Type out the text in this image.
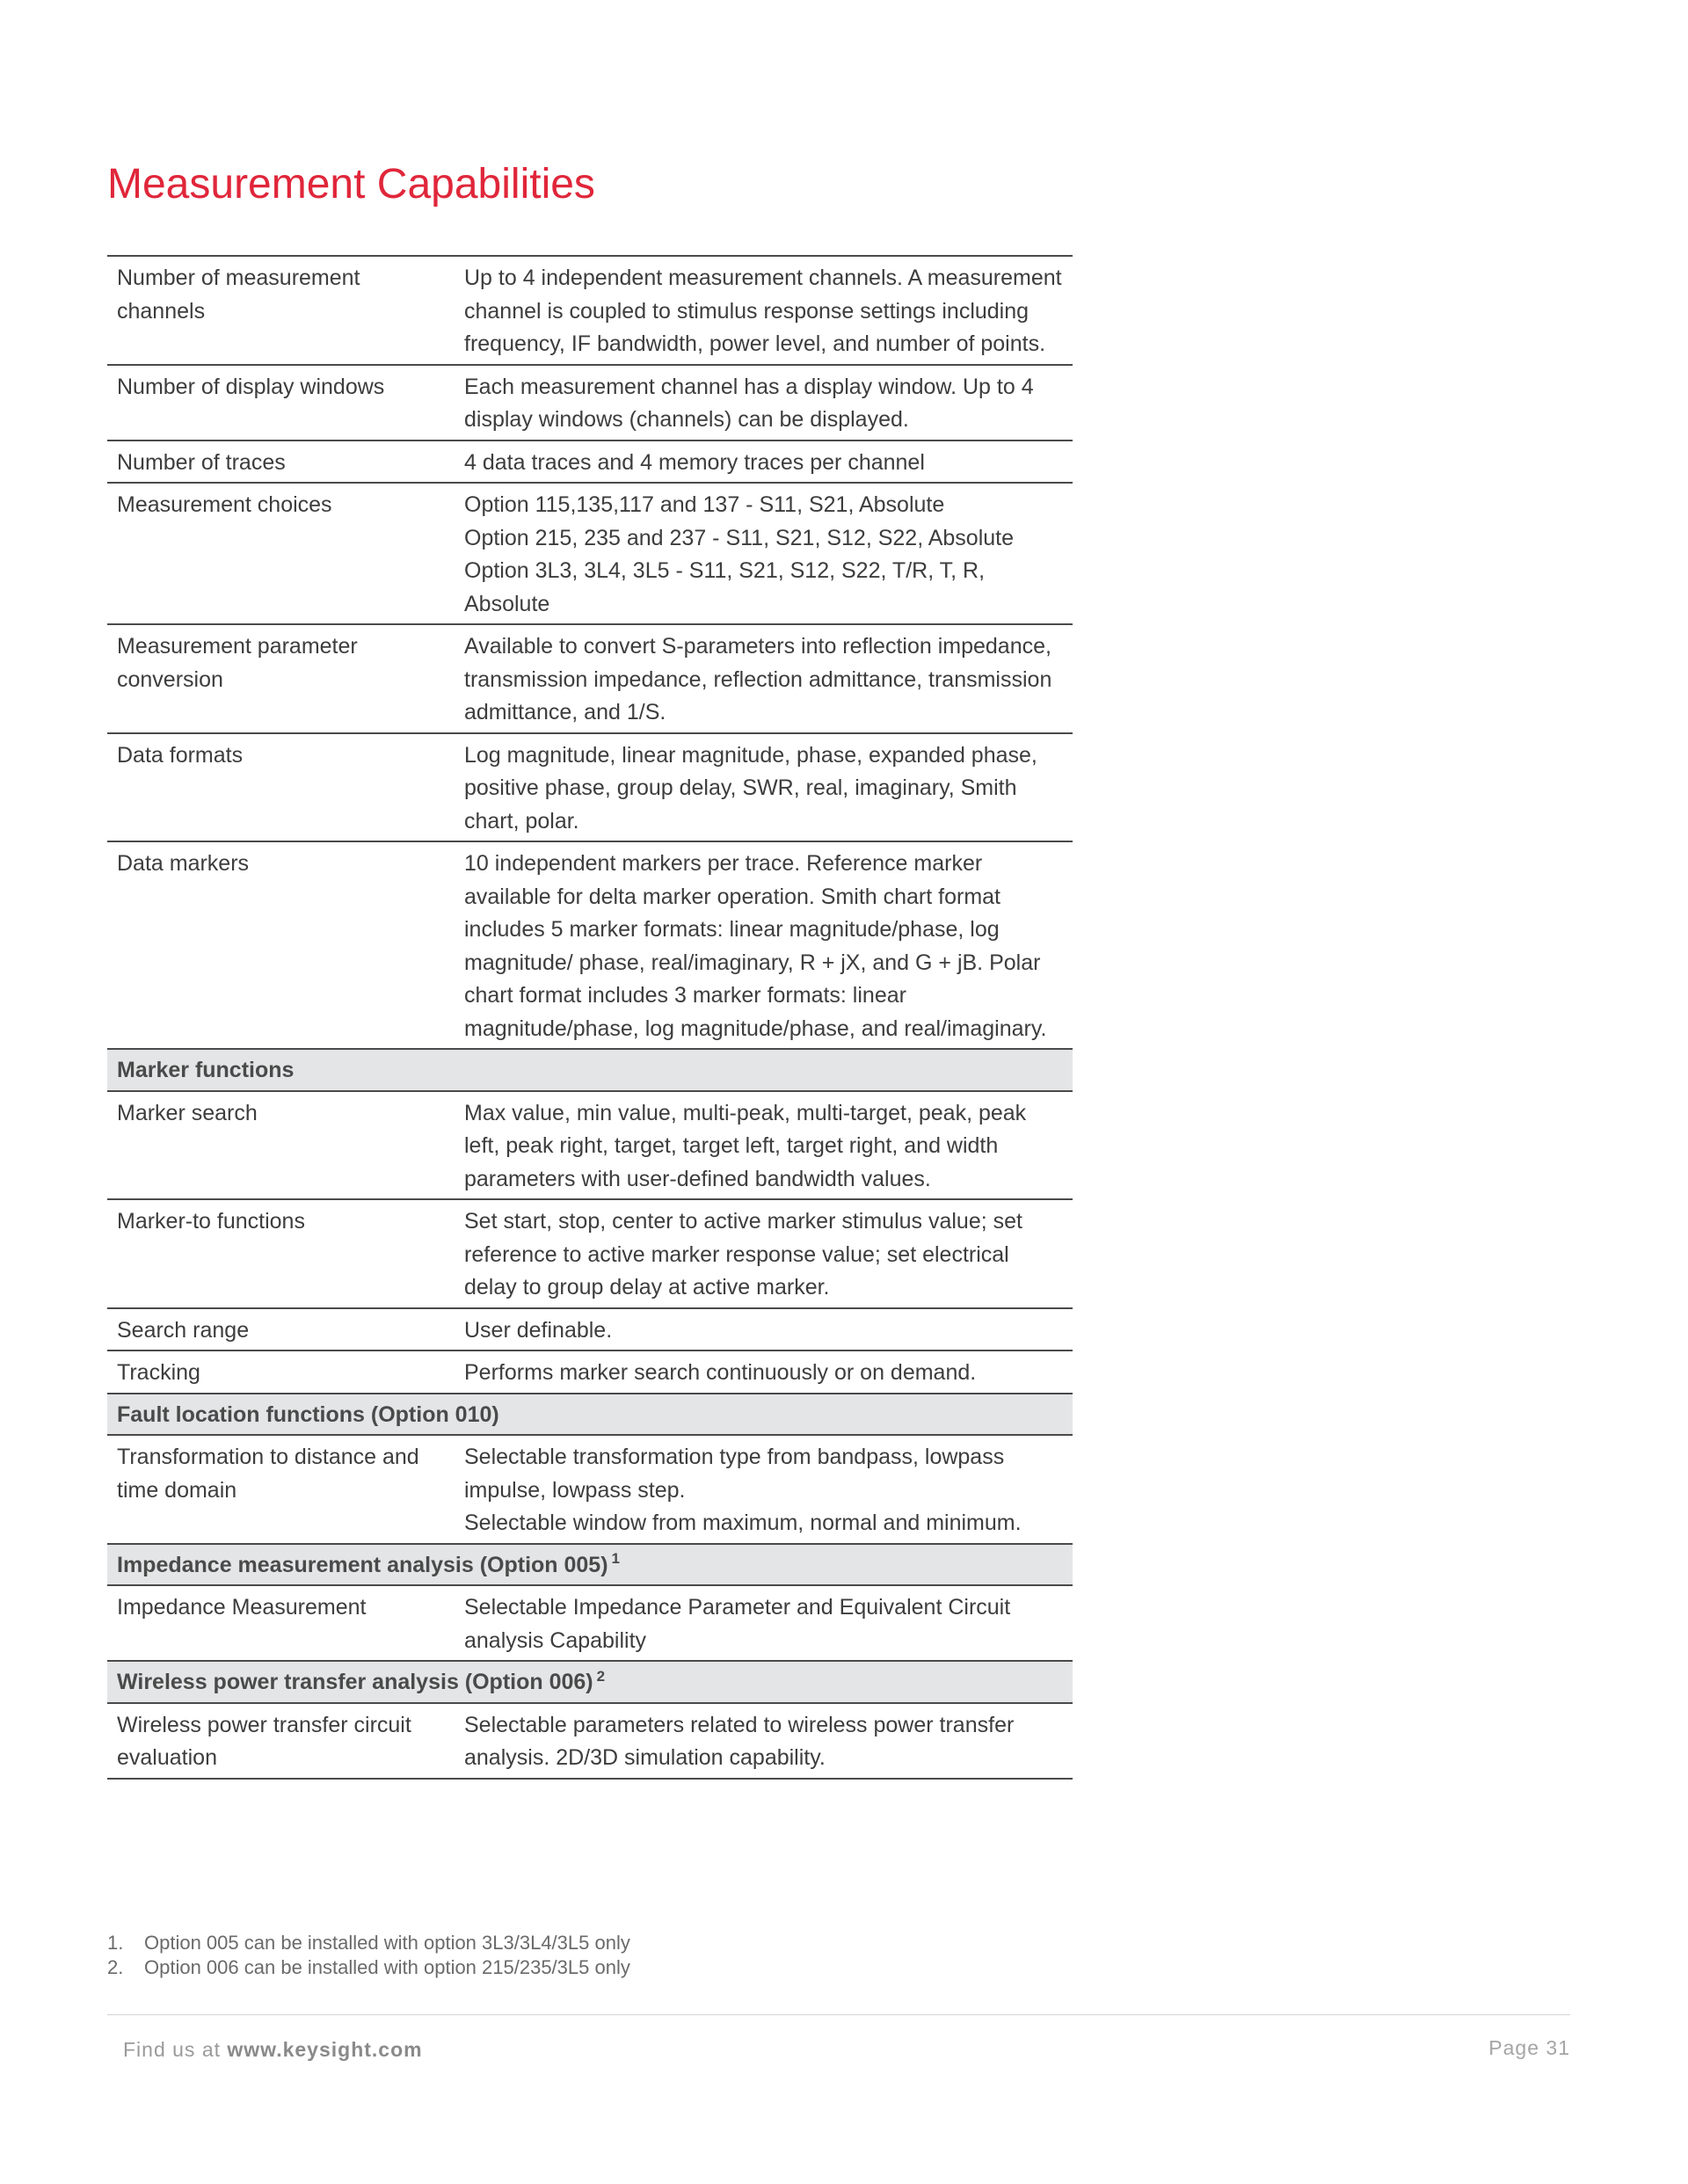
Measurement Capabilities
Number of measurement channels	Up to 4 independent measurement channels. A measurement channel is coupled to stimulus response settings including frequency, IF bandwidth, power level, and number of points.

Number of display windows	Each measurement channel has a display window. Up to 4 display windows (channels) can be displayed.

Number of traces	4 data traces and 4 memory traces per channel

Measurement choices	Option 115,135,117 and 137 - S11, S21, Absolute
Option 215, 235 and 237 - S11, S21, S12, S22, Absolute
Option 3L3, 3L4, 3L5 - S11, S21, S12, S22, T/R, T, R, Absolute

Measurement parameter conversion	Available to convert S-parameters into reflection impedance, transmission impedance, reflection admittance, transmission admittance, and 1/S.

Data formats	Log magnitude, linear magnitude, phase, expanded phase, positive phase, group delay, SWR, real, imaginary, Smith chart, polar.

Data markers	10 independent markers per trace. Reference marker available for delta marker operation. Smith chart format includes 5 marker formats: linear magnitude/phase, log magnitude/ phase, real/imaginary, R + jX, and G + jB. Polar chart format includes 3 marker formats: linear magnitude/phase, log magnitude/phase, and real/imaginary.

Marker functions	
Marker search	Max value, min value, multi-peak, multi-target, peak, peak left, peak right, target, target left, target right, and width parameters with user-defined bandwidth values.

Marker-to functions	Set start, stop, center to active marker stimulus value; set reference to active marker response value; set electrical delay to group delay at active marker.

Search range	User definable.

Tracking	Performs marker search continuously or on demand.

Fault location functions (Option 010)	
Transformation to distance and time domain	Selectable transformation type from bandpass, lowpass impulse, lowpass step.
Selectable window from maximum, normal and minimum.

Impedance measurement analysis (Option 005) $^1$
Impedance Measurement	Selectable Impedance Parameter and Equivalent Circuit analysis Capability

Wireless power transfer analysis (Option 006) $^2$
Wireless power transfer circuit evaluation	Selectable parameters related to wireless power transfer analysis. 2D/3D simulation capability.
1.	Option 005 can be installed with option 3L3/3L4/3L5 only
2.	Option 006 can be installed with option 215/235/3L5 only
Find us at www.keysight.com	Page 31
